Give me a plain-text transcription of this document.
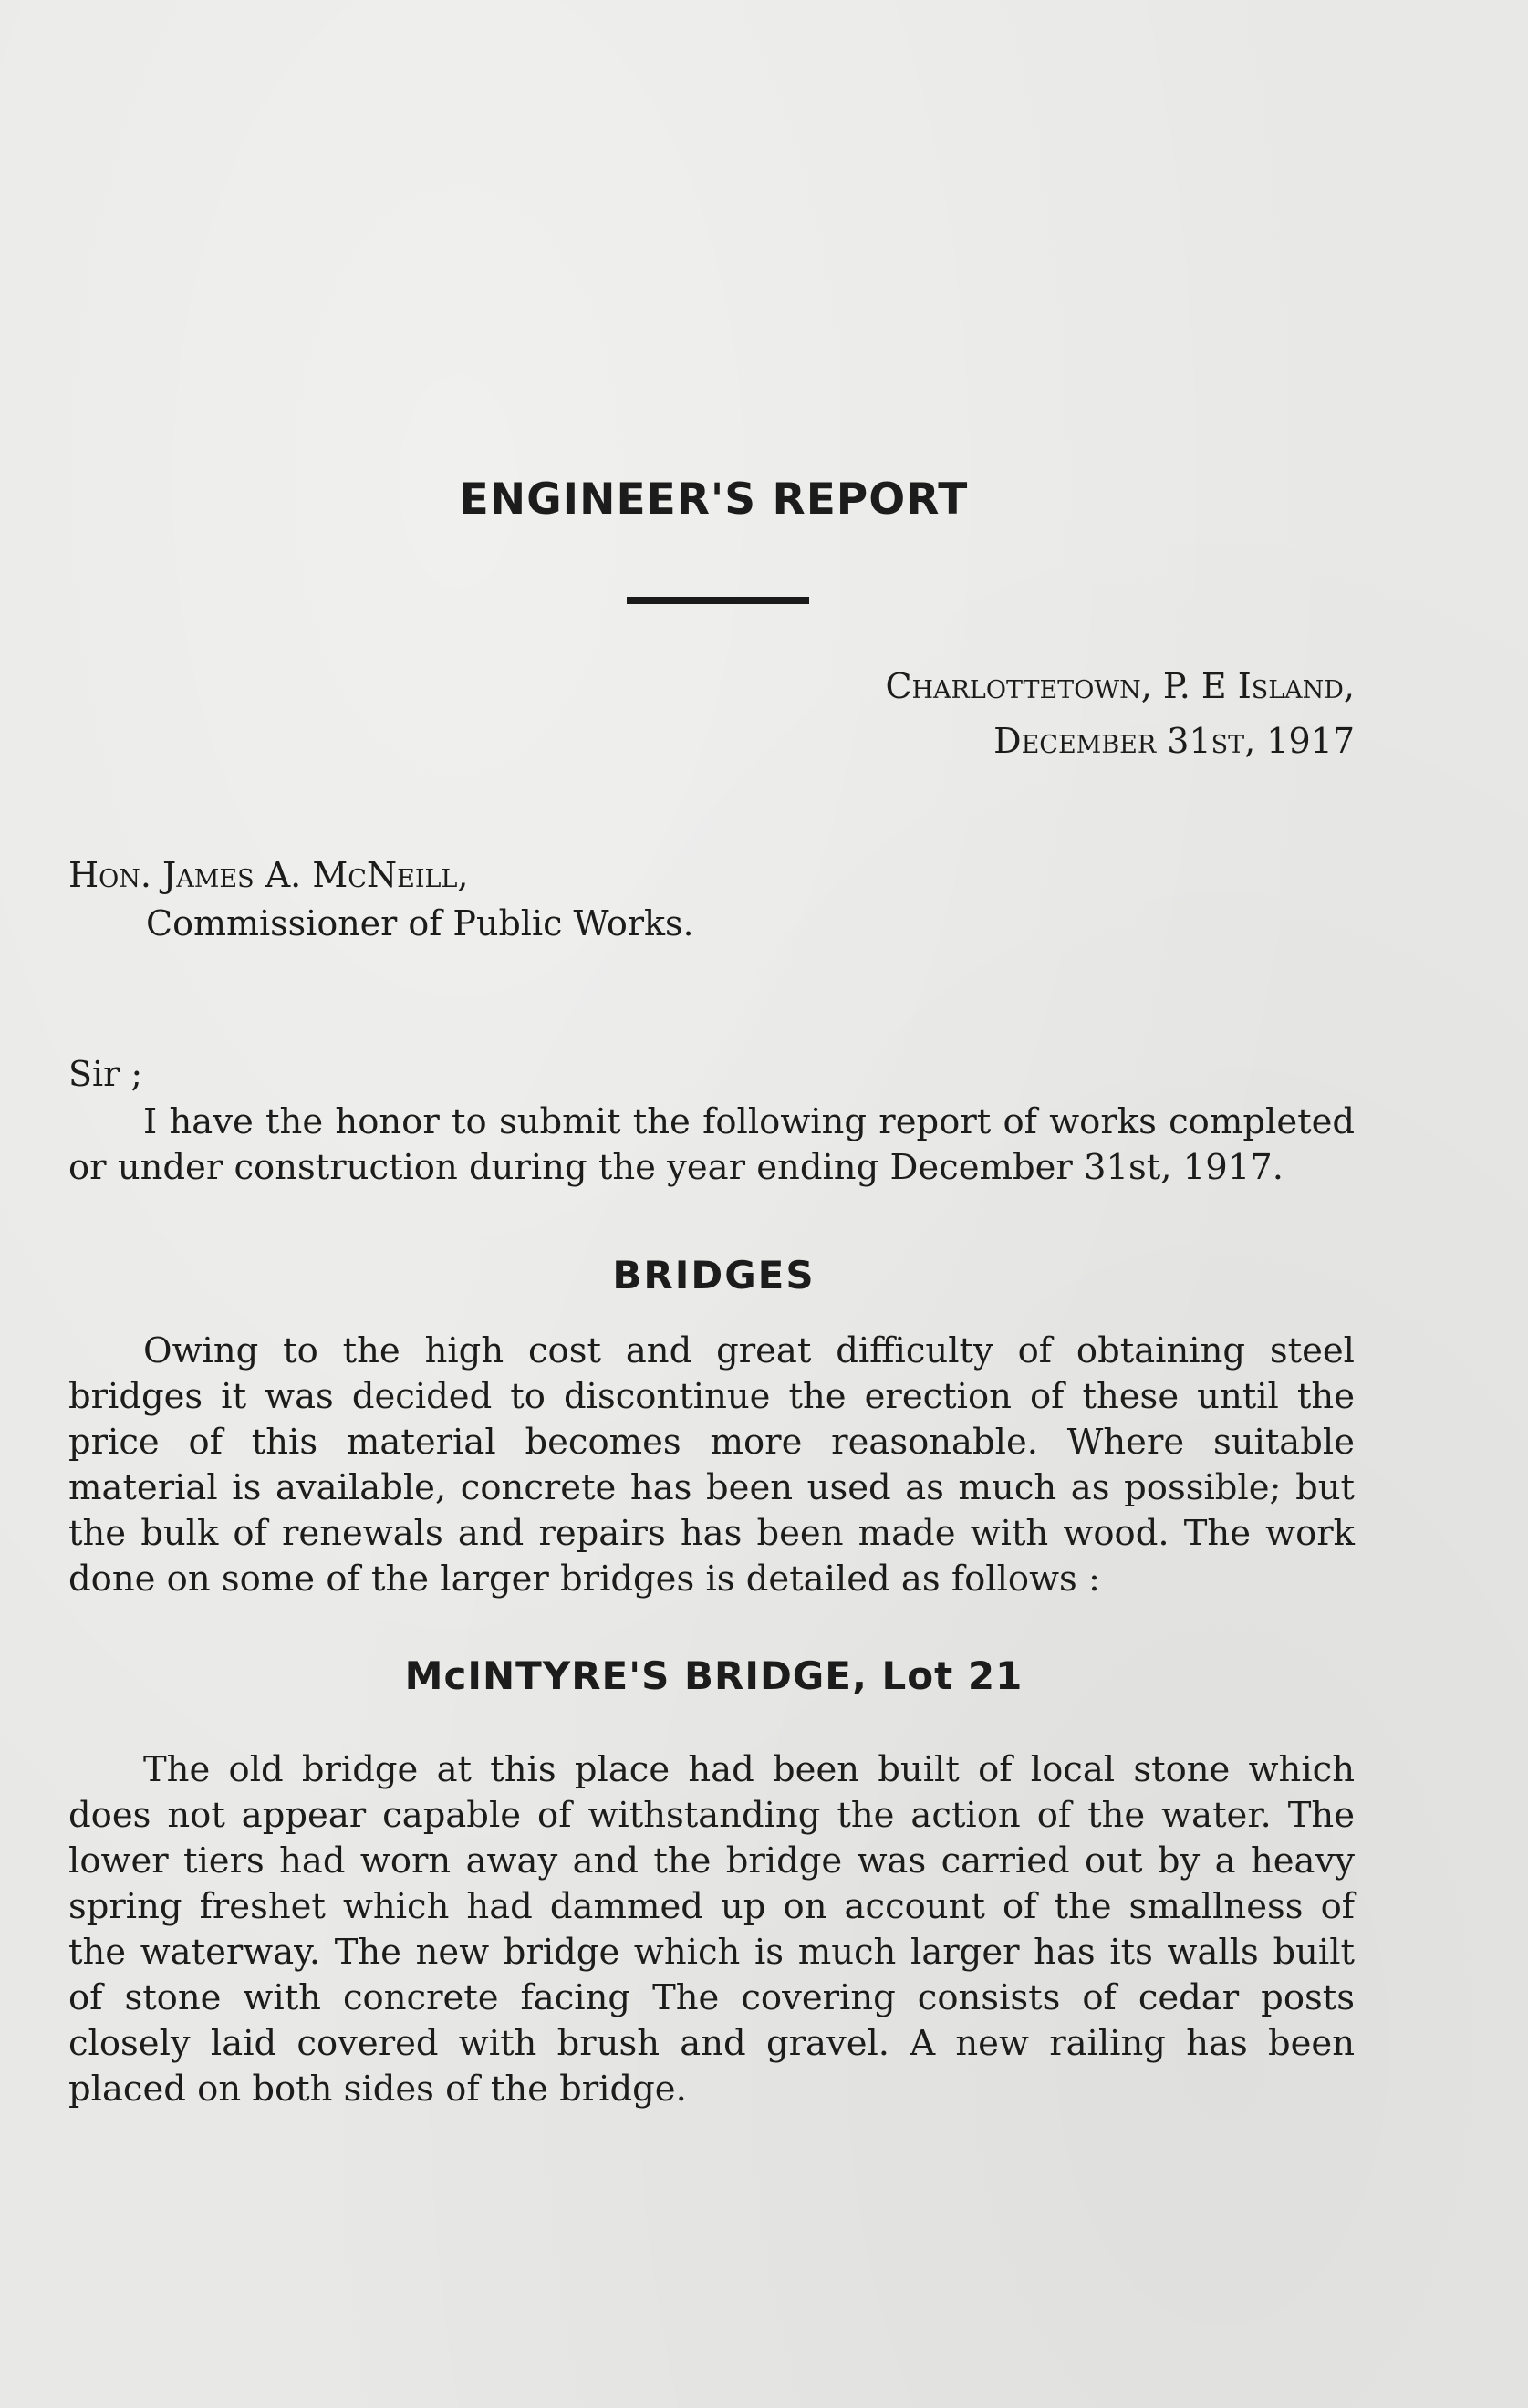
ENGINEER'S REPORT

Charlottetown, P. E Island,

December 31st, 1917

Hon. James A. McNeill,

Commissioner of Public Works.

Sir ;

I have the honor to submit the following report of works completed or under construction during the year ending December 31st, 1917.

BRIDGES

Owing to the high cost and great difficulty of obtaining steel bridges it was decided to discontinue the erection of these until the price of this material becomes more reasonable. Where suitable material is available, concrete has been used as much as possible; but the bulk of renewals and repairs has been made with wood. The work done on some of the larger bridges is detailed as follows :

McINTYRE'S BRIDGE, Lot 21

The old bridge at this place had been built of local stone which does not appear capable of withstanding the action of the water. The lower tiers had worn away and the bridge was carried out by a heavy spring freshet which had dammed up on account of the smallness of the waterway. The new bridge which is much larger has its walls built of stone with concrete facing The covering consists of cedar posts closely laid covered with brush and gravel. A new railing has been placed on both sides of the bridge.
